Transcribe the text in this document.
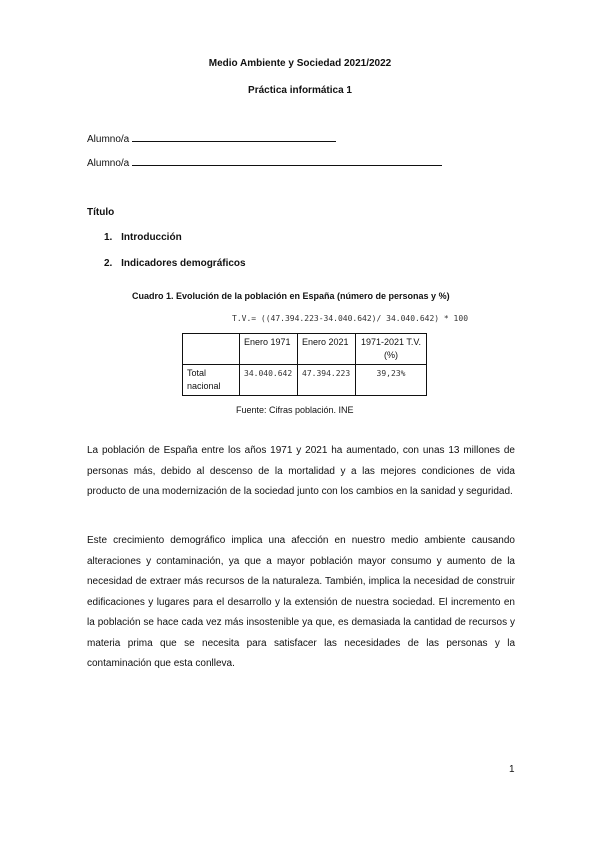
Medio Ambiente y Sociedad 2021/2022
Práctica informática 1
Alumno/a
Alumno/a
Título
1. Introducción
2. Indicadores demográficos
Cuadro 1. Evolución de la población en España (número de personas y %)
T.V.= ((47.394.223-34.040.642)/ 34.040.642) * 100
	Enero 1971	Enero 2021	1971-2021 T.V.(%)
Total nacional	34.040.642	47.394.223	39,23%
Fuente: Cifras población. INE
La población de España entre los años 1971 y 2021 ha aumentado, con unas 13 millones de personas más, debido al descenso de la mortalidad y a las mejores condiciones de vida producto de una modernización de la sociedad junto con los cambios en la sanidad y seguridad.
Este crecimiento demográfico implica una afección en nuestro medio ambiente causando alteraciones y contaminación, ya que a mayor población mayor consumo y aumento de la necesidad de extraer más recursos de la naturaleza. También, implica la necesidad de construir edificaciones y lugares para el desarrollo y la extensión de nuestra sociedad. El incremento en la población se hace cada vez más insostenible ya que, es demasiada la cantidad de recursos y materia prima que se necesita para satisfacer las necesidades de las personas y la contaminación que esta conlleva.
1
